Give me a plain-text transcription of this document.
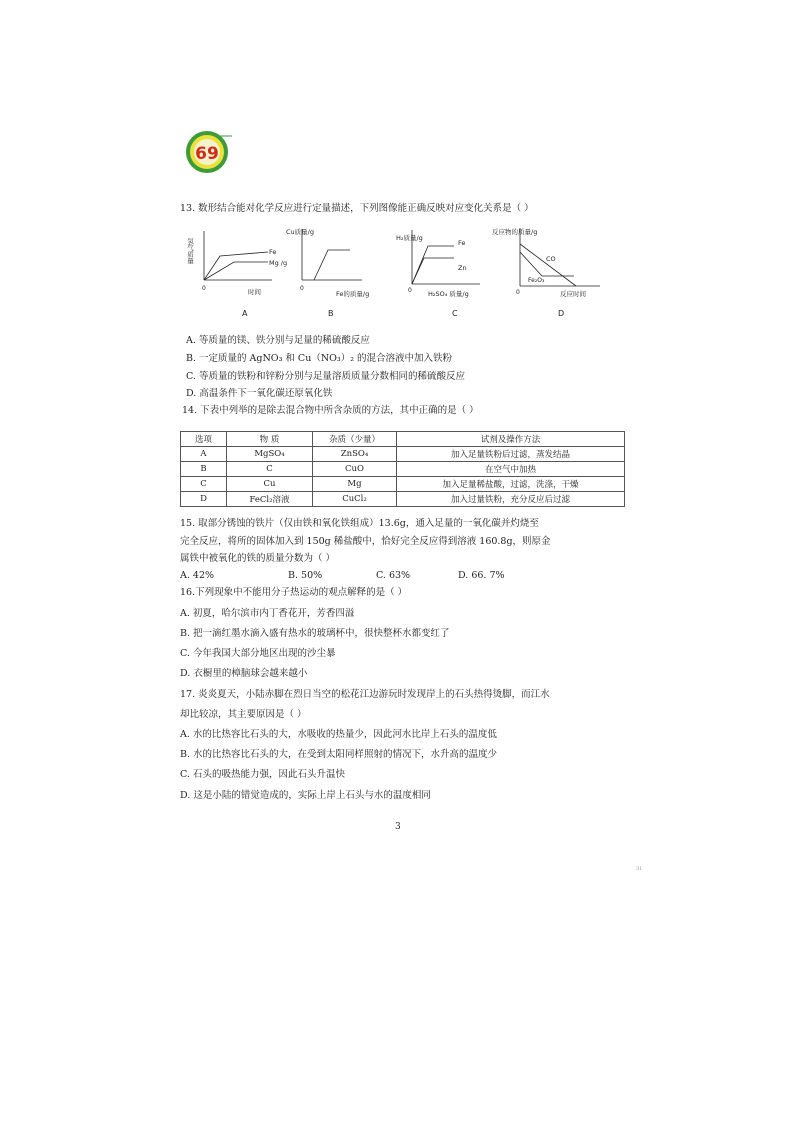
69
13. 数形结合能对化学反应进行定量描述，下列图像能正确反映对应变化关系是（ ）
氢气质量	Fe
Mg /g
0	时间
A
Cu质量/g
0
Fe的质量/g
B
H₂质量/g
Fe
Zn
0 H₂SO₄ 质量/g
C
反应物的质量/g
CO
Fe₂O₃
0	反应时间
D
A. 等质量的镁、铁分别与足量的稀硫酸反应
B. 一定质量的 AgNO₃ 和 Cu（NO₃）₂ 的混合溶液中加入铁粉
C. 等质量的铁粉和锌粉分别与足量溶质质量分数相同的稀硫酸反应
D. 高温条件下一氧化碳还原氧化铁
14. 下表中列举的是除去混合物中所含杂质的方法，其中正确的是（ ）
选项	物 质	杂质（少量）	试剂及操作方法
A	MgSO₄	ZnSO₄	加入足量铁粉后过滤，蒸发结晶
B	C	CuO	在空气中加热
C	Cu	Mg	加入足量稀盐酸，过滤，洗涤，干燥
D	FeCl₂溶液	CuCl₂	加入过量铁粉，充分反应后过滤
15. 取部分锈蚀的铁片（仅由铁和氧化铁组成）13.6g，通入足量的一氧化碳并灼烧至
完全反应，将所的固体加入到 150g 稀盐酸中，恰好完全反应得到溶液 160.8g，则原金
属铁中被氧化的铁的质量分数为（ ）
A. 42%	B. 50%	C. 63%	D. 66. 7%
16.下列现象中不能用分子热运动的观点解释的是（ ）
A. 初夏，哈尔滨市内丁香花开，芳香四溢
B. 把一滴红墨水滴入盛有热水的玻璃杯中，很快整杯水都变红了
C. 今年我国大部分地区出现的沙尘暴
D. 衣橱里的樟脑球会越来越小
17. 炎炎夏天，小陆赤脚在烈日当空的松花江边游玩时发现岸上的石头热得烫脚，而江水
却比较凉，其主要原因是（ ）
A. 水的比热容比石头的大，水吸收的热量少，因此河水比岸上石头的温度低
B. 水的比热容比石头的大，在受到太阳同样照射的情况下，水升高的温度少
C. 石头的吸热能力强，因此石头升温快
D. 这是小陆的错觉造成的，实际上岸上石头与水的温度相同
3
31
